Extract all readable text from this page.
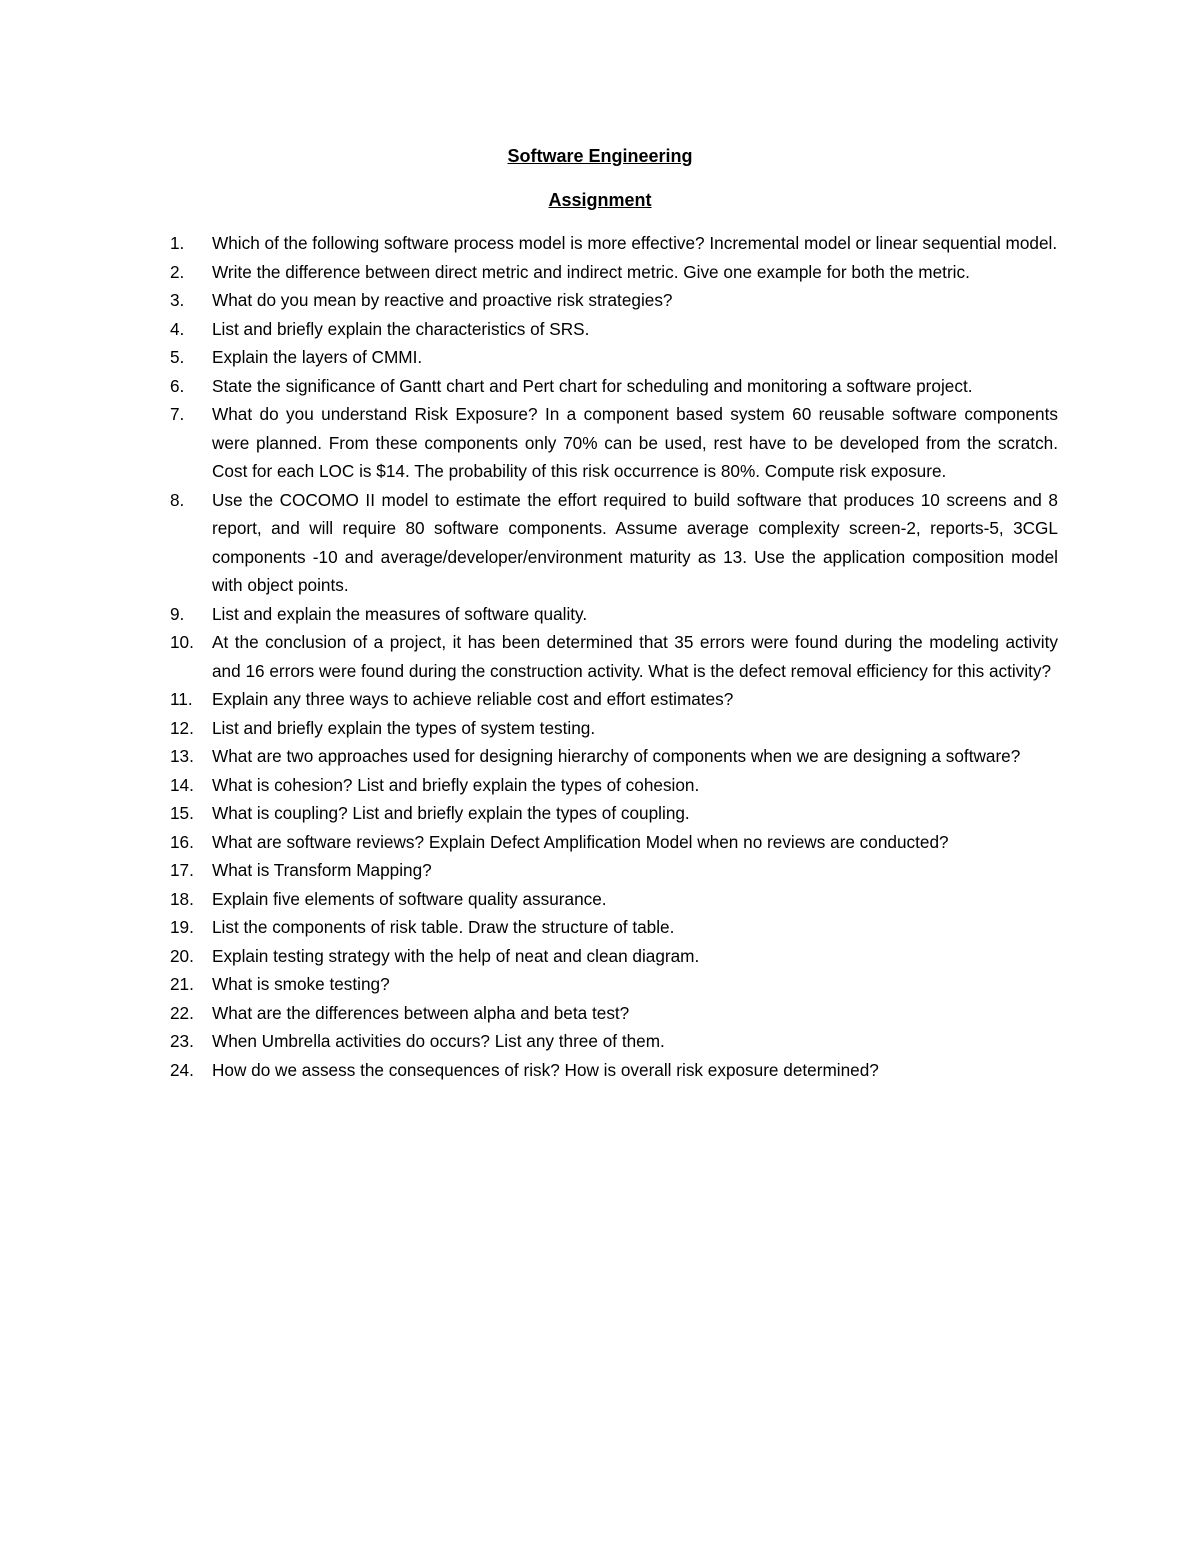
Software Engineering
Assignment
1.	Which of the following software process model is more effective? Incremental model or linear sequential model.
2.	Write the difference between direct metric and indirect metric. Give one example for both the metric.
3.	What do you mean by reactive and proactive risk strategies?
4.	List and briefly explain the characteristics of SRS.
5.	Explain the layers of CMMI.
6.	State the significance of Gantt chart and Pert chart for scheduling and monitoring a software project.
7.	What do you understand Risk Exposure? In a component based system 60 reusable software components were planned. From these components only 70% can be used, rest have to be developed from the scratch. Cost for each LOC is $14. The probability of this risk occurrence is 80%. Compute risk exposure.
8.	Use the COCOMO II model to estimate the effort required to build software that produces 10 screens and 8 report, and will require 80 software components. Assume average complexity screen-2, reports-5, 3CGL components -10 and average/developer/environment maturity as 13. Use the application composition model with object points.
9.	List and explain the measures of software quality.
10.	At the conclusion of a project, it has been determined that 35 errors were found during the modeling activity and 16 errors were found during the construction activity. What is the defect removal efficiency for this activity?
11.	Explain any three ways to achieve reliable cost and effort estimates?
12.	List and briefly explain the types of system testing.
13.	What are two approaches used for designing hierarchy of components when we are designing a software?
14.	What is cohesion? List and briefly explain the types of cohesion.
15.	What is coupling? List and briefly explain the types of coupling.
16.	What are software reviews? Explain Defect Amplification Model when no reviews are conducted?
17.	What is Transform Mapping?
18.	Explain five elements of software quality assurance.
19.	List the components of risk table. Draw the structure of table.
20.	Explain testing strategy with the help of neat and clean diagram.
21.	What is smoke testing?
22.	What are the differences between alpha and beta test?
23.	When Umbrella activities do occurs? List any three of them.
24.	How do we assess the consequences of risk? How is overall risk exposure determined?
